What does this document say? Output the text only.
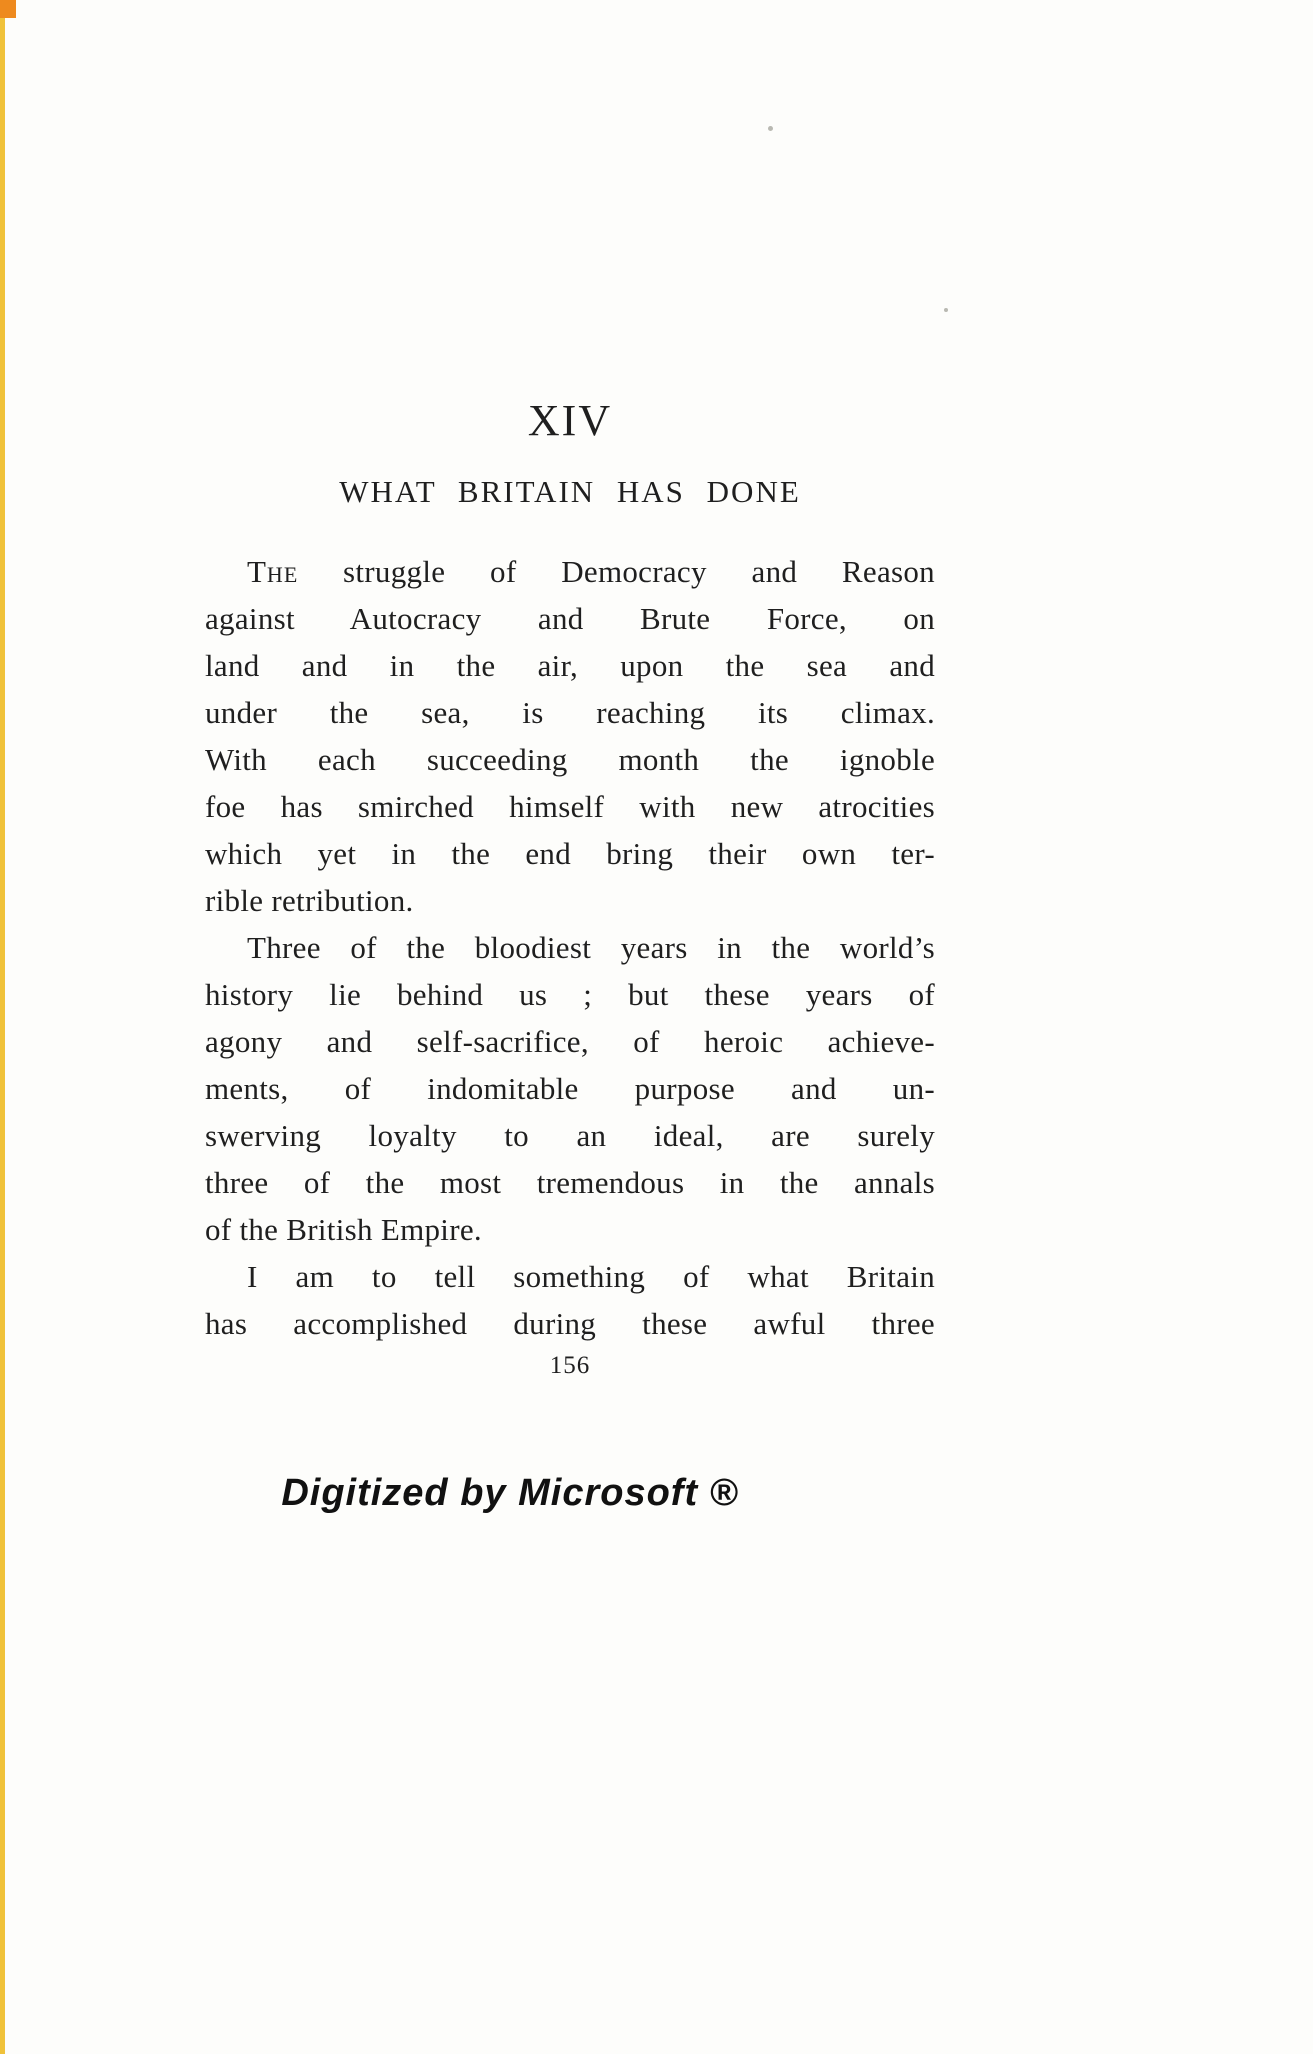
XIV
WHAT BRITAIN HAS DONE

The struggle of Democracy and Reason
against Autocracy and Brute Force, on
land and in the air, upon the sea and
under the sea, is reaching its climax.
With each succeeding month the ignoble
foe has smirched himself with new atrocities
which yet in the end bring their own ter-
rible retribution.

Three of the bloodiest years in the world’s
history lie behind us ; but these years of
agony and self-sacrifice, of heroic achieve-
ments, of indomitable purpose and un-
swerving loyalty to an ideal, are surely
three of the most tremendous in the annals
of the British Empire.

I am to tell something of what Britain
has accomplished during these awful three

156
Digitized by Microsoft ®
